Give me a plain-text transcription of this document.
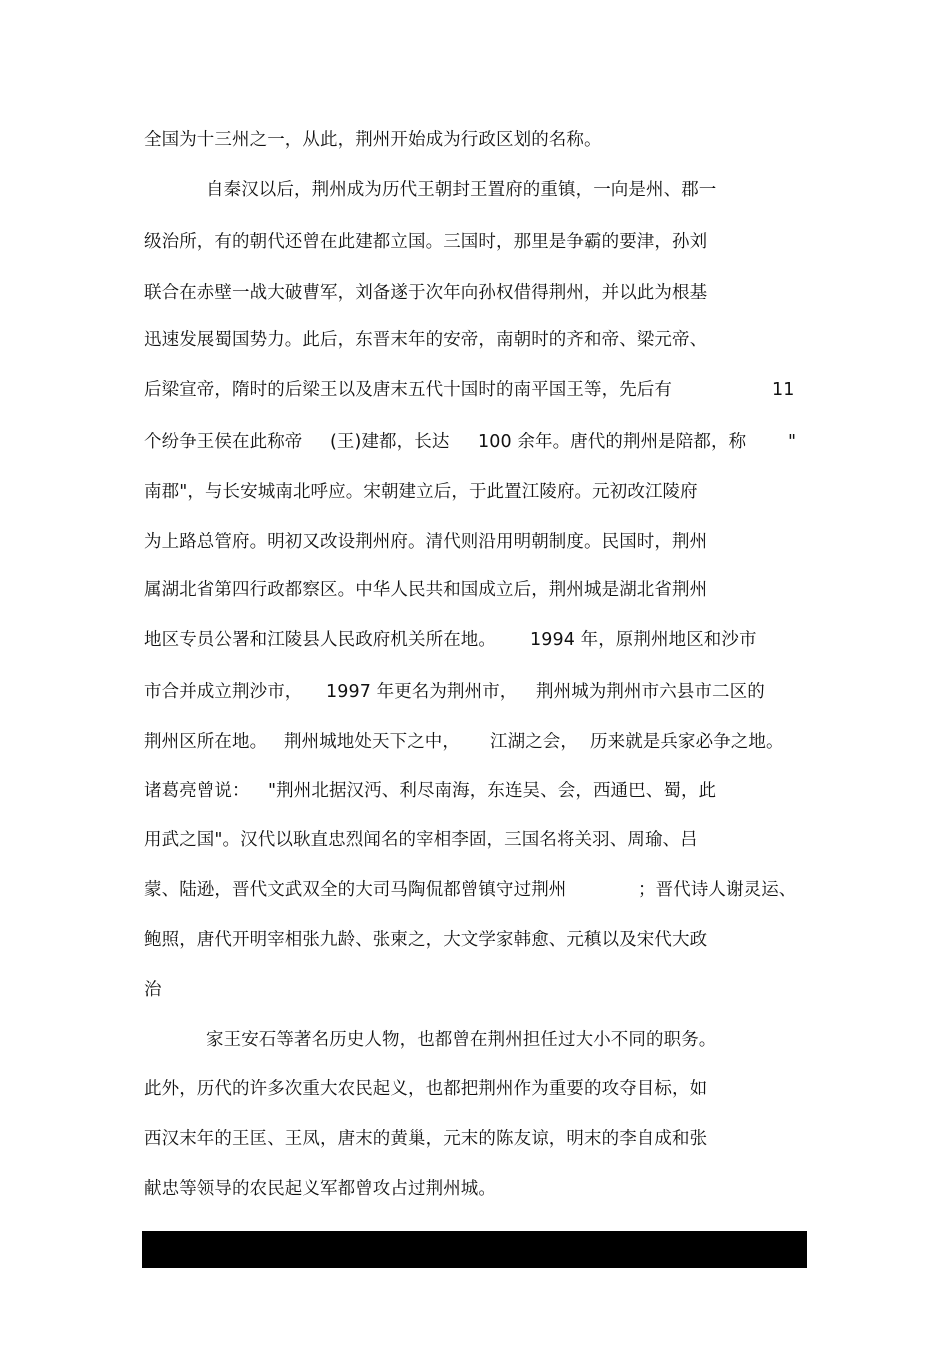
全国为十三州之一，从此，荆州开始成为行政区划的名称。
自秦汉以后，荆州成为历代王朝封王置府的重镇，一向是州、郡一
级治所，有的朝代还曾在此建都立国。三国时，那里是争霸的要津，孙刘
联合在赤壁一战大破曹军，刘备遂于次年向孙权借得荆州，并以此为根基
迅速发展蜀国势力。此后，东晋末年的安帝，南朝时的齐和帝、梁元帝、
后梁宣帝，隋时的后梁王以及唐末五代十国时的南平国王等，先后有	11
个纷争王侯在此称帝 (王)建都，长达 100 余年。唐代的荆州是陪都，称 "
南郡"，与长安城南北呼应。宋朝建立后，于此置江陵府。元初改江陵府
为上路总管府。明初又改设荆州府。清代则沿用明朝制度。民国时，荆州
属湖北省第四行政都察区。中华人民共和国成立后，荆州城是湖北省荆州
地区专员公署和江陵县人民政府机关所在地。 1994 年，原荆州地区和沙市
市合并成立荆沙市， 1997 年更名为荆州市， 荆州城为荆州市六县市二区的
荆州区所在地。 荆州城地处天下之中， 江湖之会， 历来就是兵家必争之地。
诸葛亮曾说： "荆州北据汉沔、利尽南海，东连吴、会，西通巴、蜀，此
用武之国"。汉代以耿直忠烈闻名的宰相李固，三国名将关羽、周瑜、吕
蒙、陆逊，晋代文武双全的大司马陶侃都曾镇守过荆州	；晋代诗人谢灵运、
鲍照，唐代开明宰相张九龄、张柬之，大文学家韩愈、元稹以及宋代大政
治
家王安石等著名历史人物，也都曾在荆州担任过大小不同的职务。
此外，历代的许多次重大农民起义，也都把荆州作为重要的攻夺目标，如
西汉末年的王匡、王凤，唐末的黄巢，元末的陈友谅，明末的李自成和张
献忠等领导的农民起义军都曾攻占过荆州城。
